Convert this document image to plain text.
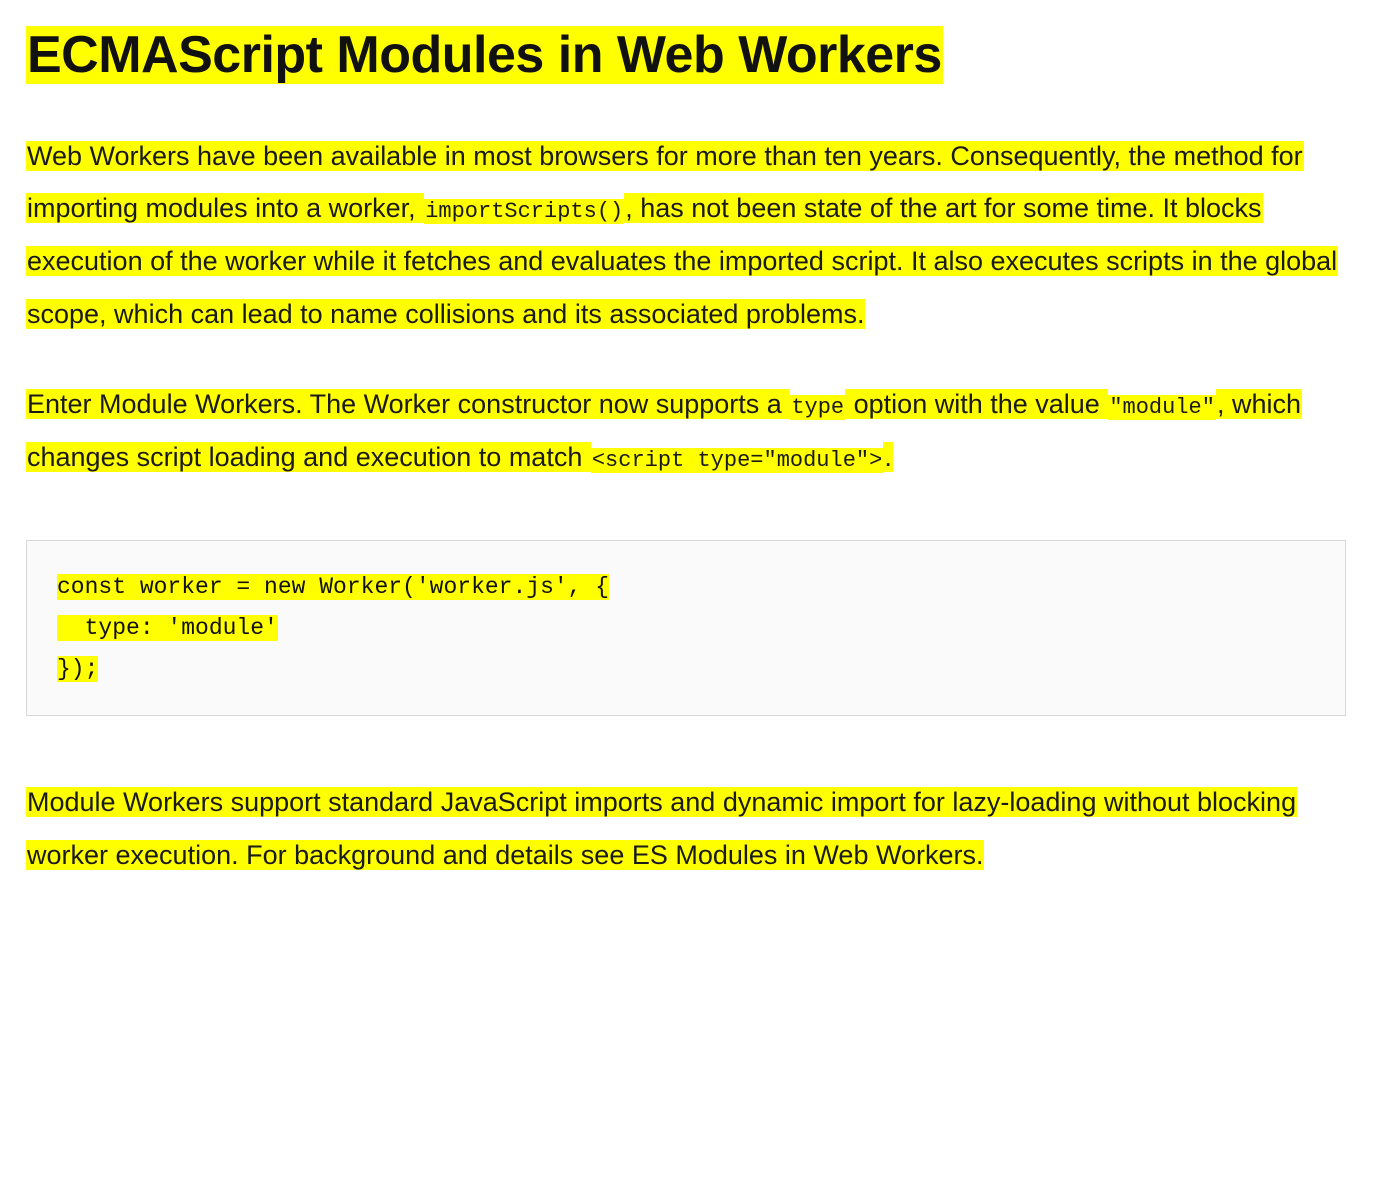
ECMAScript Modules in Web Workers

Web Workers have been available in most browsers for more than ten years. Consequently, the method for importing modules into a worker, importScripts(), has not been state of the art for some time. It blocks execution of the worker while it fetches and evaluates the imported script. It also executes scripts in the global scope, which can lead to name collisions and its associated problems.

Enter Module Workers. The Worker constructor now supports a type option with the value "module", which changes script loading and execution to match <script type="module">.

const worker = new Worker('worker.js', {
type: 'module'
});

Module Workers support standard JavaScript imports and dynamic import for lazy-loading without blocking worker execution. For background and details see ES Modules in Web Workers.
